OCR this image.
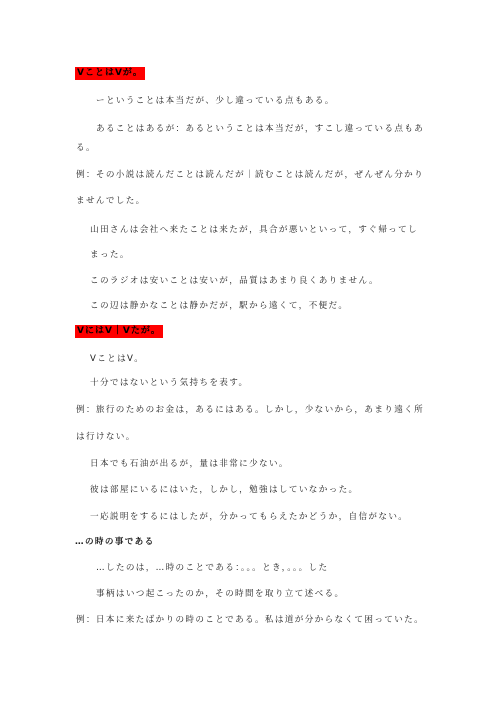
VことはVが。
ーということは本当だが、少し違っている点もある。
あることはあるが：あるということは本当だが，すこし違っている点もあ
る。
例：その小説は読んだことは読んだが｜読むことは読んだが，ぜんぜん分かり
ませんでした。
山田さんは会社へ来たことは来たが，具合が悪いといって，すぐ帰ってし
まった。
このラジオは安いことは安いが，品質はあまり良くありません。
この辺は静かなことは静かだが，駅から遠くて，不便だ。
VにはV｜Vたが。
VことはV。
十分ではないという気持ちを表す。
例：旅行のためのお金は，あるにはある。しかし，少ないから，あまり遠く所
は行けない。
日本でも石油が出るが，量は非常に少ない。
彼は部屋にいるにはいた，しかし，勉強はしていなかった。
一応説明をするにはしたが，分かってもらえたかどうか，自信がない。
…の時の事である
…したのは，…時のことである：。。。とき，。。。した
事柄はいつ起こったのか，その時間を取り立て述べる。
例：日本に来たばかりの時のことである。私は道が分からなくて困っていた。
